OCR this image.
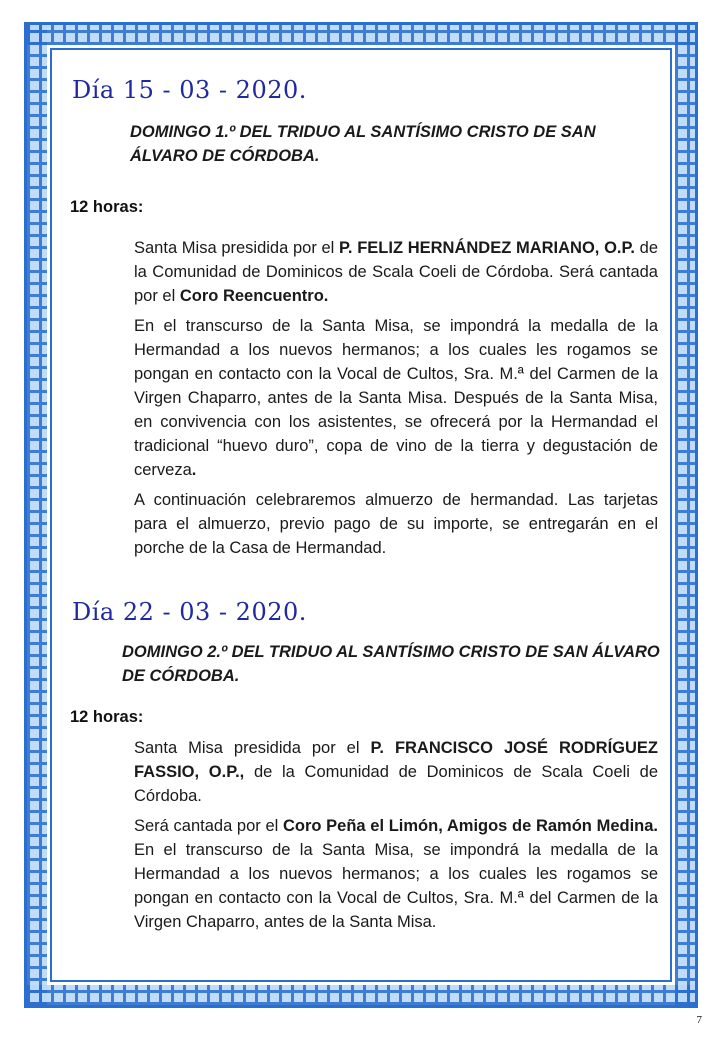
Día 15 - 03 - 2020.
DOMINGO 1.º DEL TRIDUO AL SANTÍSIMO CRISTO DE SAN ÁLVARO DE CÓRDOBA.
12 horas:

Santa Misa presidida por el P. FELIZ HERNÁNDEZ MARIANO, O.P. de la Comunidad de Dominicos de Scala Coeli de Córdoba. Será cantada por el Coro Reencuentro.

En el transcurso de la Santa Misa, se impondrá la medalla de la Hermandad a los nuevos hermanos; a los cuales les rogamos se pongan en contacto con la Vocal de Cultos, Sra. M.ª del Carmen de la Virgen Chaparro, antes de la Santa Misa. Después de la Santa Misa, en convivencia con los asistentes, se ofrecerá por la Hermandad el tradicional “huevo duro”, copa de vino de la tierra y degustación de cerveza.

A continuación celebraremos almuerzo de hermandad. Las tarjetas para el almuerzo, previo pago de su importe, se entregarán en el porche de la Casa de Hermandad.

Día 22 - 03 - 2020.
DOMINGO 2.º DEL TRIDUO AL SANTÍSIMO CRISTO DE SAN ÁLVARO DE CÓRDOBA.
12 horas:

Santa Misa presidida por el P. FRANCISCO JOSÉ RODRÍGUEZ FASSIO, O.P., de la Comunidad de Dominicos de Scala Coeli de Córdoba.

Será cantada por el Coro Peña el Limón, Amigos de Ramón Medina. En el transcurso de la Santa Misa, se impondrá la medalla de la Hermandad a los nuevos hermanos; a los cuales les rogamos se pongan en contacto con la Vocal de Cultos, Sra. M.ª del Carmen de la Virgen Chaparro, antes de la Santa Misa.

7
